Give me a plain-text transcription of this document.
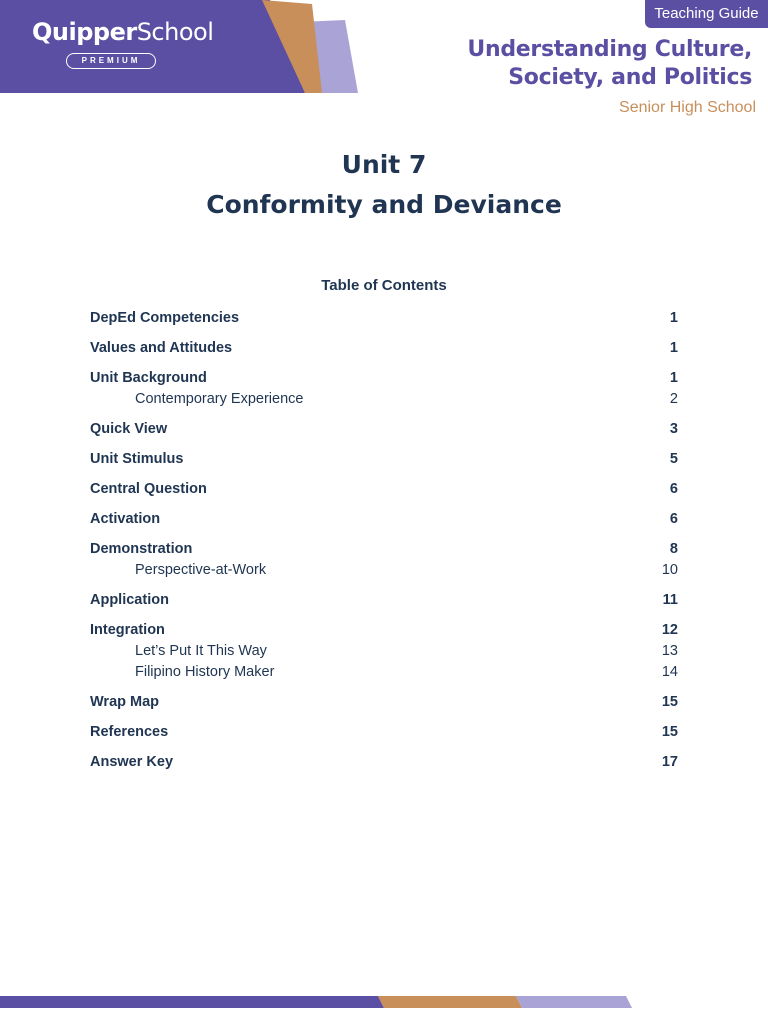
QuipperSchool
PREMIUM
Teaching Guide
Understanding Culture,
Society, and Politics
Senior High School
Unit 7
Conformity and Deviance
Table of Contents
DepEd Competencies	1
Values and Attitudes	1
Unit Background	1
Contemporary Experience	2
Quick View	3
Unit Stimulus	5
Central Question	6
Activation	6
Demonstration	8
Perspective-at-Work	10
Application	11
Integration	12
Let’s Put It This Way	13
Filipino History Maker	14
Wrap Map	15
References	15
Answer Key	17
